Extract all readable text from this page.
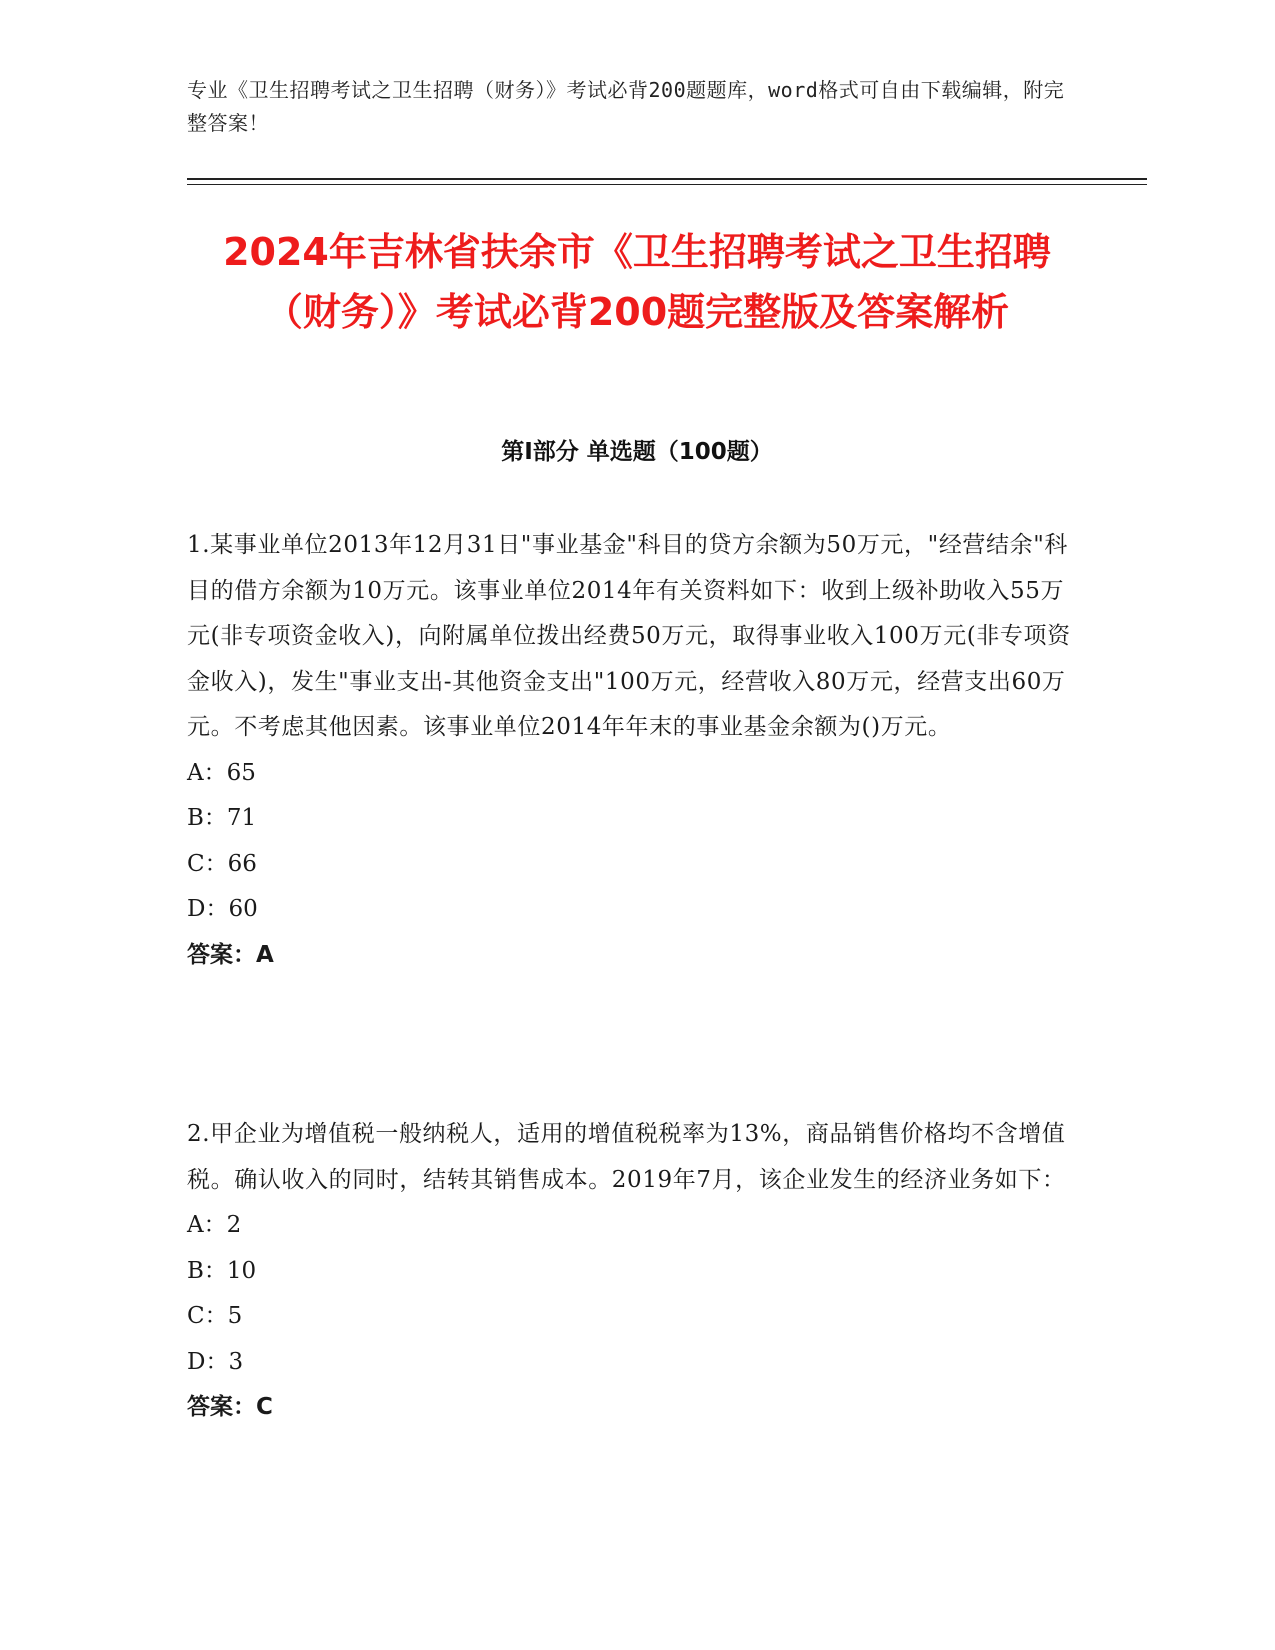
专业《卫生招聘考试之卫生招聘（财务）》考试必背200题题库，word格式可自由下载编辑，附完整答案！
2024年吉林省扶余市《卫生招聘考试之卫生招聘（财务）》考试必背200题完整版及答案解析
第I部分 单选题（100题）

1.某事业单位2013年12月31日"事业基金"科目的贷方余额为50万元，"经营结余"科目的借方余额为10万元。该事业单位2014年有关资料如下：收到上级补助收入55万元(非专项资金收入)，向附属单位拨出经费50万元，取得事业收入100万元(非专项资金收入)，发生"事业支出-其他资金支出"100万元，经营收入80万元，经营支出60万元。不考虑其他因素。该事业单位2014年年末的事业基金余额为()万元。

A：65
B：71
C：66
D：60

答案：A

2.甲企业为增值税一般纳税人，适用的增值税税率为13%，商品销售价格均不含增值税。确认收入的同时，结转其销售成本。2019年7月，该企业发生的经济业务如下：

A：2
B：10
C：5
D：3

答案：C
